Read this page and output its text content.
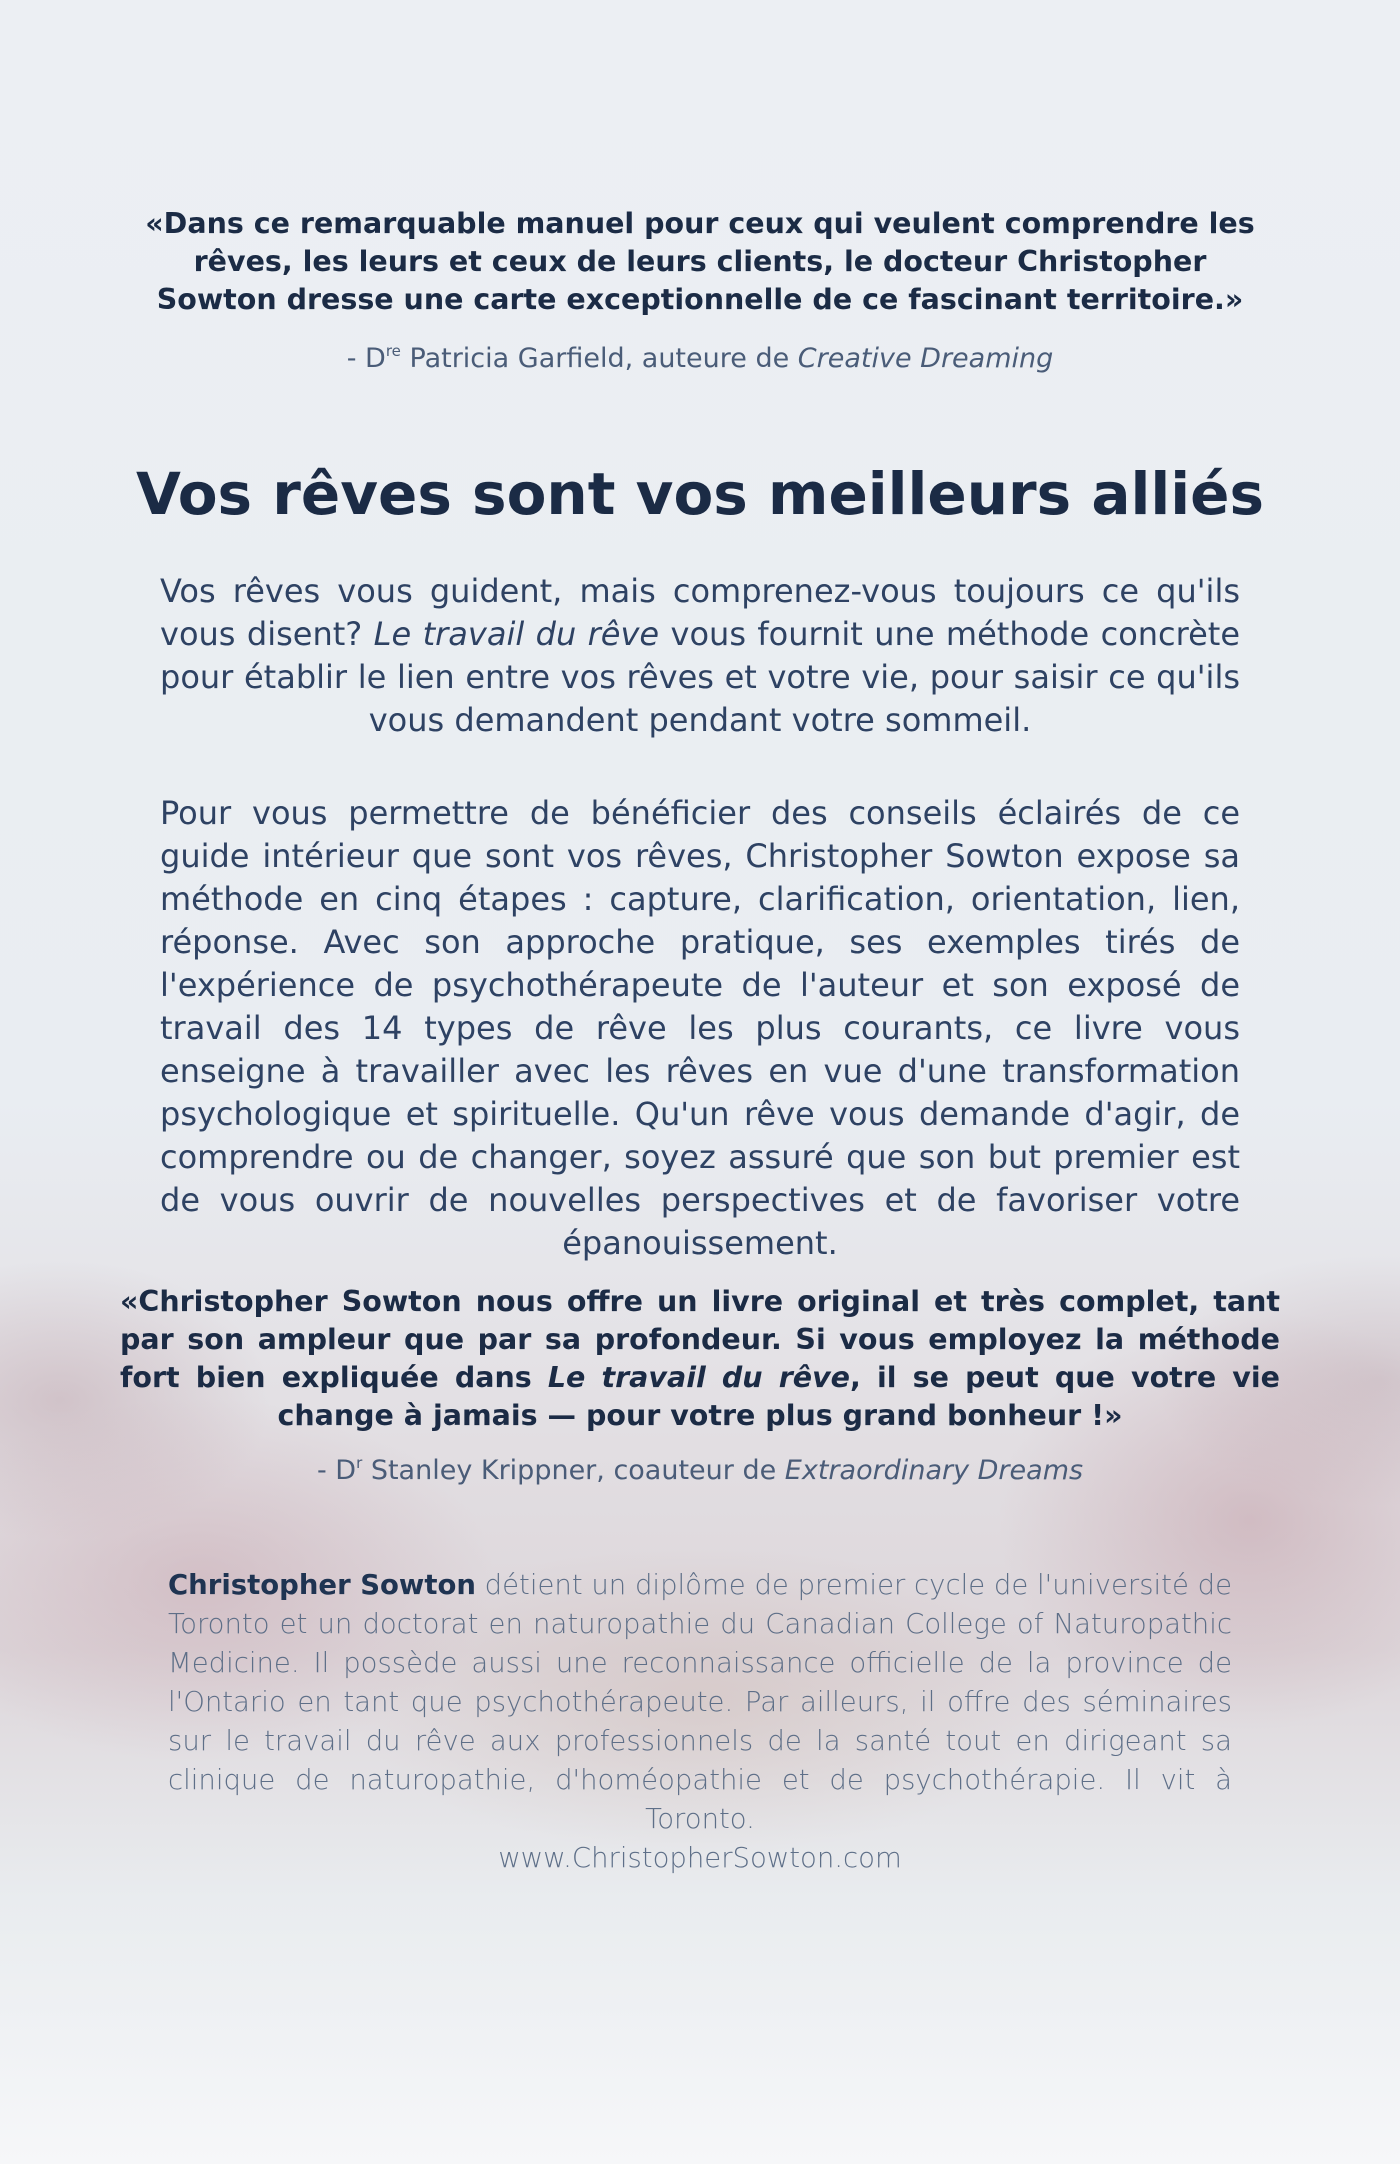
«Dans ce remarquable manuel pour ceux qui veulent comprendre les rêves, les leurs et ceux de leurs clients, le docteur Christopher Sowton dresse une carte exceptionnelle de ce fascinant territoire.»

- Dre Patricia Garfield, auteure de Creative Dreaming

Vos rêves sont vos meilleurs alliés

Vos rêves vous guident, mais comprenez-vous toujours ce qu'ils vous disent? Le travail du rêve vous fournit une méthode concrète pour établir le lien entre vos rêves et votre vie, pour saisir ce qu'ils vous demandent pendant votre sommeil.

Pour vous permettre de bénéficier des conseils éclairés de ce guide intérieur que sont vos rêves, Christopher Sowton expose sa méthode en cinq étapes : capture, clarification, orientation, lien, réponse. Avec son approche pratique, ses exemples tirés de l'expérience de psychothérapeute de l'auteur et son exposé de travail des 14 types de rêve les plus courants, ce livre vous enseigne à travailler avec les rêves en vue d'une transformation psychologique et spirituelle. Qu'un rêve vous demande d'agir, de comprendre ou de changer, soyez assuré que son but premier est de vous ouvrir de nouvelles perspectives et de favoriser votre épanouissement.

«Christopher Sowton nous offre un livre original et très complet, tant par son ampleur que par sa profondeur. Si vous employez la méthode fort bien expliquée dans Le travail du rêve, il se peut que votre vie change à jamais — pour votre plus grand bonheur !»

- $D^r$ Stanley Krippner, coauteur de Extraordinary Dreams

Christopher Sowton détient un diplôme de premier cycle de l'université de Toronto et un doctorat en naturopathie du Canadian College of Naturopathic Medicine. Il possède aussi une reconnaissance officielle de la province de l'Ontario en tant que psychothérapeute. Par ailleurs, il offre des séminaires sur le travail du rêve aux professionnels de la santé tout en dirigeant sa clinique de naturopathie, d'homéopathie et de psychothérapie. Il vit à Toronto.
www.ChristopherSowton.com
